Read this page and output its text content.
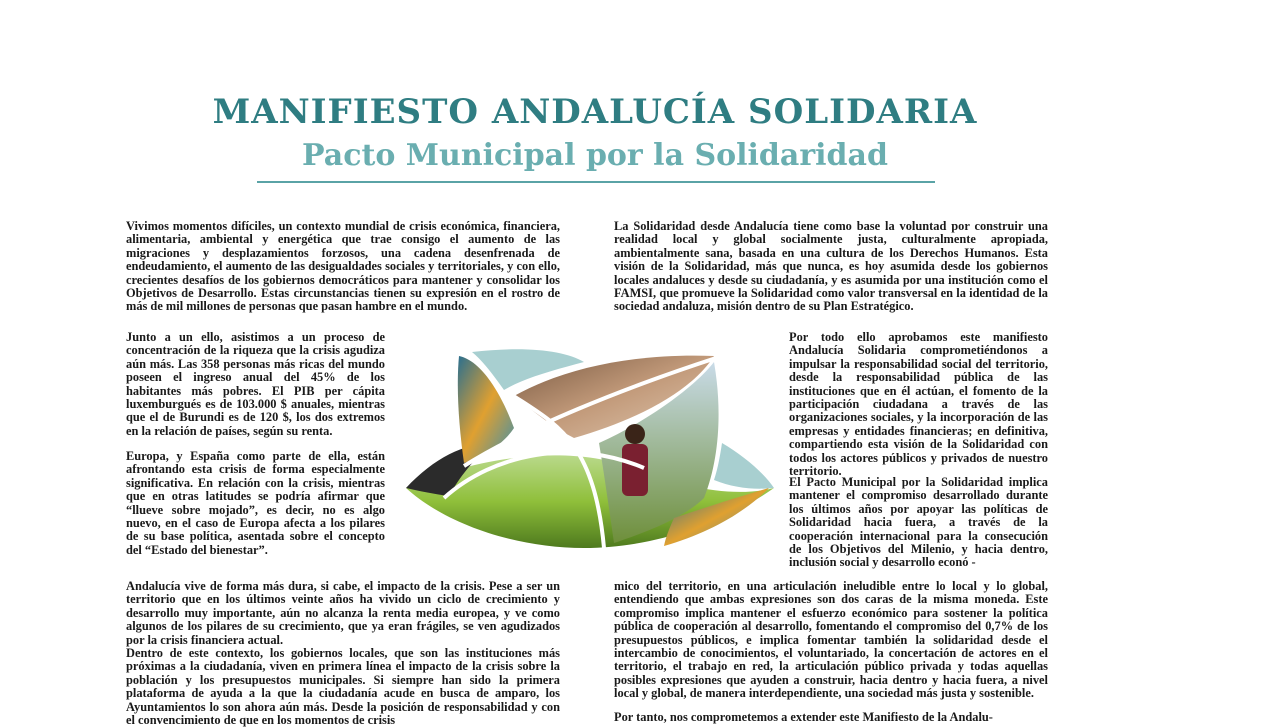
MANIFIESTO ANDALUCÍA SOLIDARIA
Pacto Municipal por la Solidaridad

Vivimos momentos difíciles, un contexto mundial de crisis económica, financiera, alimentaria, ambiental y energética que trae consigo el aumento de las migraciones y desplazamientos forzosos, una cadena desenfrenada de endeudamiento, el aumento de las desigualdades sociales y territoriales, y con ello, crecientes desafíos de los gobiernos democráticos para mantener y consolidar los Objetivos de Desarrollo. Estas circunstancias tienen su expresión en el rostro de más de mil millones de personas que pasan hambre en el mundo.

Junto a un ello, asistimos a un proceso de concentración de la riqueza que la crisis agudiza aún más. Las 358 personas más ricas del mundo poseen el ingreso anual del 45% de los habitantes más pobres. El PIB per cápita luxemburgués es de 103.000 $ anuales, mientras que el de Burundi es de 120 $, los dos extremos en la relación de países, según su renta.

Europa, y España como parte de ella, están afrontando esta crisis de forma especialmente significativa. En relación con la crisis, mientras que en otras latitudes se podría afirmar que “llueve sobre mojado”, es decir, no es algo nuevo, en el caso de Europa afecta a los pilares de su base política, asentada sobre el concepto del “Estado del bienestar”.

Andalucía vive de forma más dura, si cabe, el impacto de la crisis. Pese a ser un territorio que en los últimos veinte años ha vivido un ciclo de crecimiento y desarrollo muy importante, aún no alcanza la renta media europea, y ve como algunos de los pilares de su crecimiento, que ya eran frágiles, se ven agudizados por la crisis financiera actual.

Dentro de este contexto, los gobiernos locales, que son las instituciones más próximas a la ciudadanía, viven en primera línea el impacto de la crisis sobre la población y los presupuestos municipales. Si siempre han sido la primera plataforma de ayuda a la que la ciudadanía acude en busca de amparo, los Ayuntamientos lo son ahora aún más. Desde la posición de responsabilidad y con el convencimiento de que en los momentos de crisis

La Solidaridad desde Andalucía tiene como base la voluntad por construir una realidad local y global socialmente justa, culturalmente apropiada, ambientalmente sana, basada en una cultura de los Derechos Humanos. Esta visión de la Solidaridad, más que nunca, es hoy asumida desde los gobiernos locales andaluces y desde su ciudadanía, y es asumida por una institución como el FAMSI, que promueve la Solidaridad como valor transversal en la identidad de la sociedad andaluza, misión dentro de su Plan Estratégico.

Por todo ello aprobamos este manifiesto Andalucía Solidaria comprometiéndonos a impulsar la responsabilidad social del territorio, desde la responsabilidad pública de las instituciones que en él actúan, el fomento de la participación ciudadana a través de las organizaciones sociales, y la incorporación de las empresas y entidades financieras; en definitiva, compartiendo esta visión de la Solidaridad con todos los actores públicos y privados de nuestro territorio.

El Pacto Municipal por la Solidaridad implica mantener el compromiso desarrollado durante los últimos años por apoyar las políticas de Solidaridad hacia fuera, a través de la cooperación internacional para la consecución de los Objetivos del Milenio, y hacia dentro, inclusión social y desarrollo econó -

mico del territorio, en una articulación ineludible entre lo local y lo global, entendiendo que ambas expresiones son dos caras de la misma moneda. Este compromiso implica mantener el esfuerzo económico para sostener la política pública de cooperación al desarrollo, fomentando el compromiso del 0,7% de los presupuestos públicos, e implica fomentar también la solidaridad desde el intercambio de conocimientos, el voluntariado, la concertación de actores en el territorio, el trabajo en red, la articulación público privada y todas aquellas posibles expresiones que ayuden a construir, hacia dentro y hacia fuera, a nivel local y global, de manera interdependiente, una sociedad más justa y sostenible.

Por tanto, nos comprometemos a extender este Manifiesto de la Andalu-
